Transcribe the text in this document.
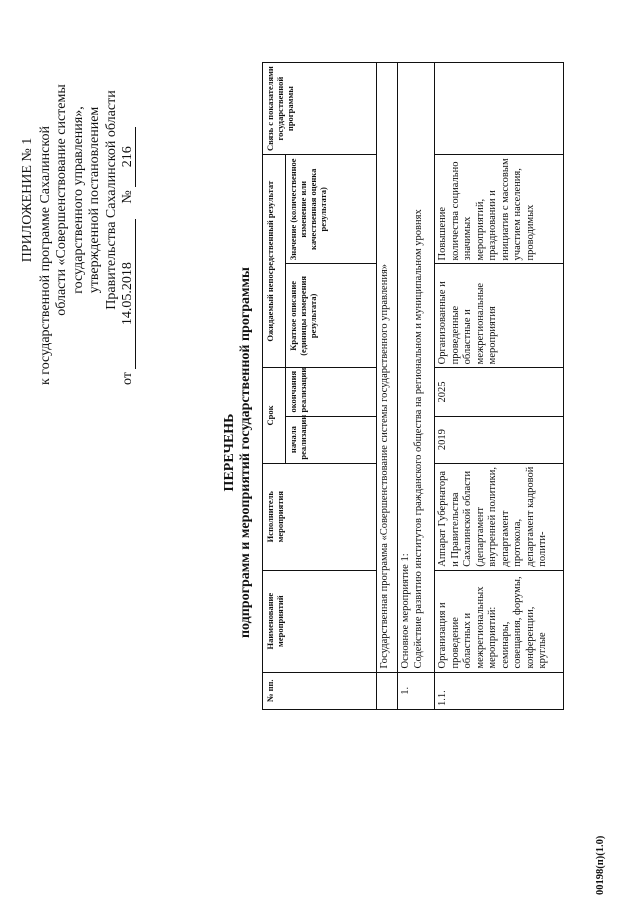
ПРИЛОЖЕНИЕ № 1 к государственной программе Сахалинской области «Совершенствование системы государственного управления», утвержденной постановлением Правительства Сахалинской области
от 14.05.2018  № 216
ПЕРЕЧЕНЬ подпрограмм и мероприятий государственной программы
№ пп.	Наименование мероприятий	Исполнитель мероприятия	Срок		Ожидаемый непосредственный результат		Связь с показателями государственной программы
			начала реализации	окончания реализации	Краткое описание (единицы измерения результата)	Значение (количественное изменение или качественная оценка результата)	
	Государственная программа «Совершенствование системы государственного управления»						
1.	Основное мероприятие 1: Содействие развитию институтов гражданского общества на региональном и муниципальном уровнях						

1.1.	Организация и проведение областных и межрегиональных мероприятий: семинары, совещания, форумы, конференции, круглые	Аппарат Губернатора и Правительства Сахалинской области (департамент внутренней политики, департамент протокола, департамент кадровой полити-	2019	2025	Организованные и проведенные областные и межрегиональные мероприятия	Повышение количества социально значимых мероприятий, праздновании и инициатив с массовым участием населения, проводимых	
00198(п)(1.0)
